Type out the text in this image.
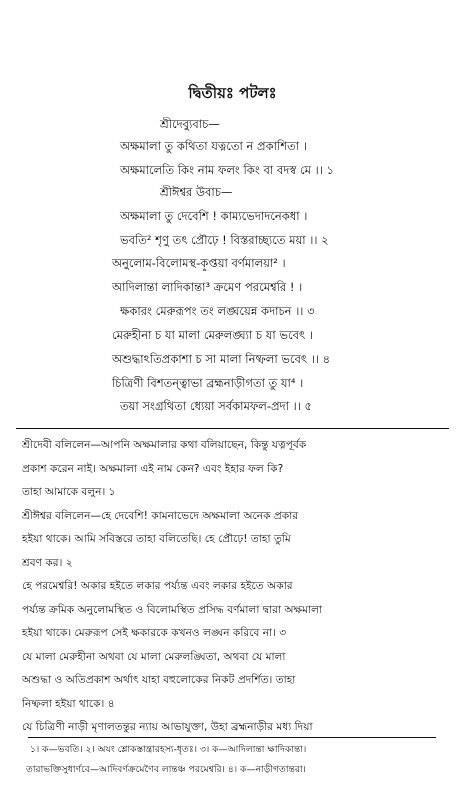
দ্বিতীয়ঃ পটলঃ
শ্রীদেব্যুবাচ—
অক্ষমালা তু কথিতা যত্নতো ন প্রকাশিতা ।
অক্ষমালেতি কিং নাম ফলং কিং বা বদস্ব মে ।। ১
শ্রীঈশ্বর উবাচ—
অক্ষমালা তু দেবেশি ! কাম্যভেদাদনেকধা ।
ভবতি² শৃণু তৎ প্রৌঢ়ে ! বিস্তরাচ্ছ্যতে ময়া ।। ২
অনুলোম-বিলোমস্থ-কৢপ্তয়া বর্ণমালয়া² ।
আদিলান্তা লাদিকান্তা³ ক্রমেণ পরমেশ্বরি ! ।
ক্ষকারং মেরুরূপং তং লঙ্ঘয়েন্ন কদাচন ।। ৩
মেরুহীনা চ যা মালা মেরুলঙ্ঘ্যা চ যা ভবেৎ ।
অশুদ্ধাঽতিপ্রকাশা চ সা মালা নিষ্ফলা ভবেৎ ।। ৪
চিত্রিণী বিশতন্ত্বাভা ব্রহ্মনাড়ীগতা তু যা⁴ ।
তয়া সংগ্রথিতা ধ্যেয়া সর্বকামফল-প্রদা ।। ৫

শ্রীদেবী বলিলেন—আপনি অক্ষমালার কথা বলিয়াছেন, কিন্তু যত্নপূর্বক

প্রকাশ করেন নাই। অক্ষমালা এই নাম কেন? এবং ইহার ফল কি?

তাহা আমাকে বলুন। ১

শ্রীঈশ্বর বলিলেন—হে দেবেশি! কামনাভেদে অক্ষমালা অনেক প্রকার

হইয়া থাকে। আমি সবিস্তরে তাহা বলিতেছি। হে প্রৌঢ়ে! তাহা তুমি

শ্রবণ কর। ২

হে পরমেশ্বরি! অকার হইতে লকার পর্য্যন্ত এবং লকার হইতে অকার

পর্য্যন্ত ক্রমিক অনুলোমস্থিত ও বিলোমস্থিত প্রসিদ্ধ বর্ণমালা দ্বারা অক্ষমালা

হইয়া থাকে। মেরুরূপ সেই ক্ষকারকে কখনও লঙ্ঘন করিবে না। ৩

যে মালা মেরুহীনা অথবা যে মালা মেরুলঙ্ঘিতা, অথবা যে মালা

অশুদ্ধা ও অতিপ্রকাশ অর্থাৎ যাহা বহুলোকের নিকট প্রদর্শিত। তাহা

নিষ্ফলা হইয়া থাকে। ৪

যে চিত্রিণী নাড়ী মৃণালতন্তুর ন্যায় আভাযুক্তা, উহা ব্রহ্মনাড়ীর মধ্য দিয়া

১। ক—ভবতি। ২। অযং শ্লোকস্তান্ত্রারহস্য-ধৃতঃ। ৩। ক—আদিলান্তা ক্ষাদিকান্তা।
তারাভক্তিসুধার্ণবে—আদিবর্ণক্রমেণৈব লান্তঞ্চ পরমেশ্বরি। ৪। ক—নাড়ীগতান্তরা।
